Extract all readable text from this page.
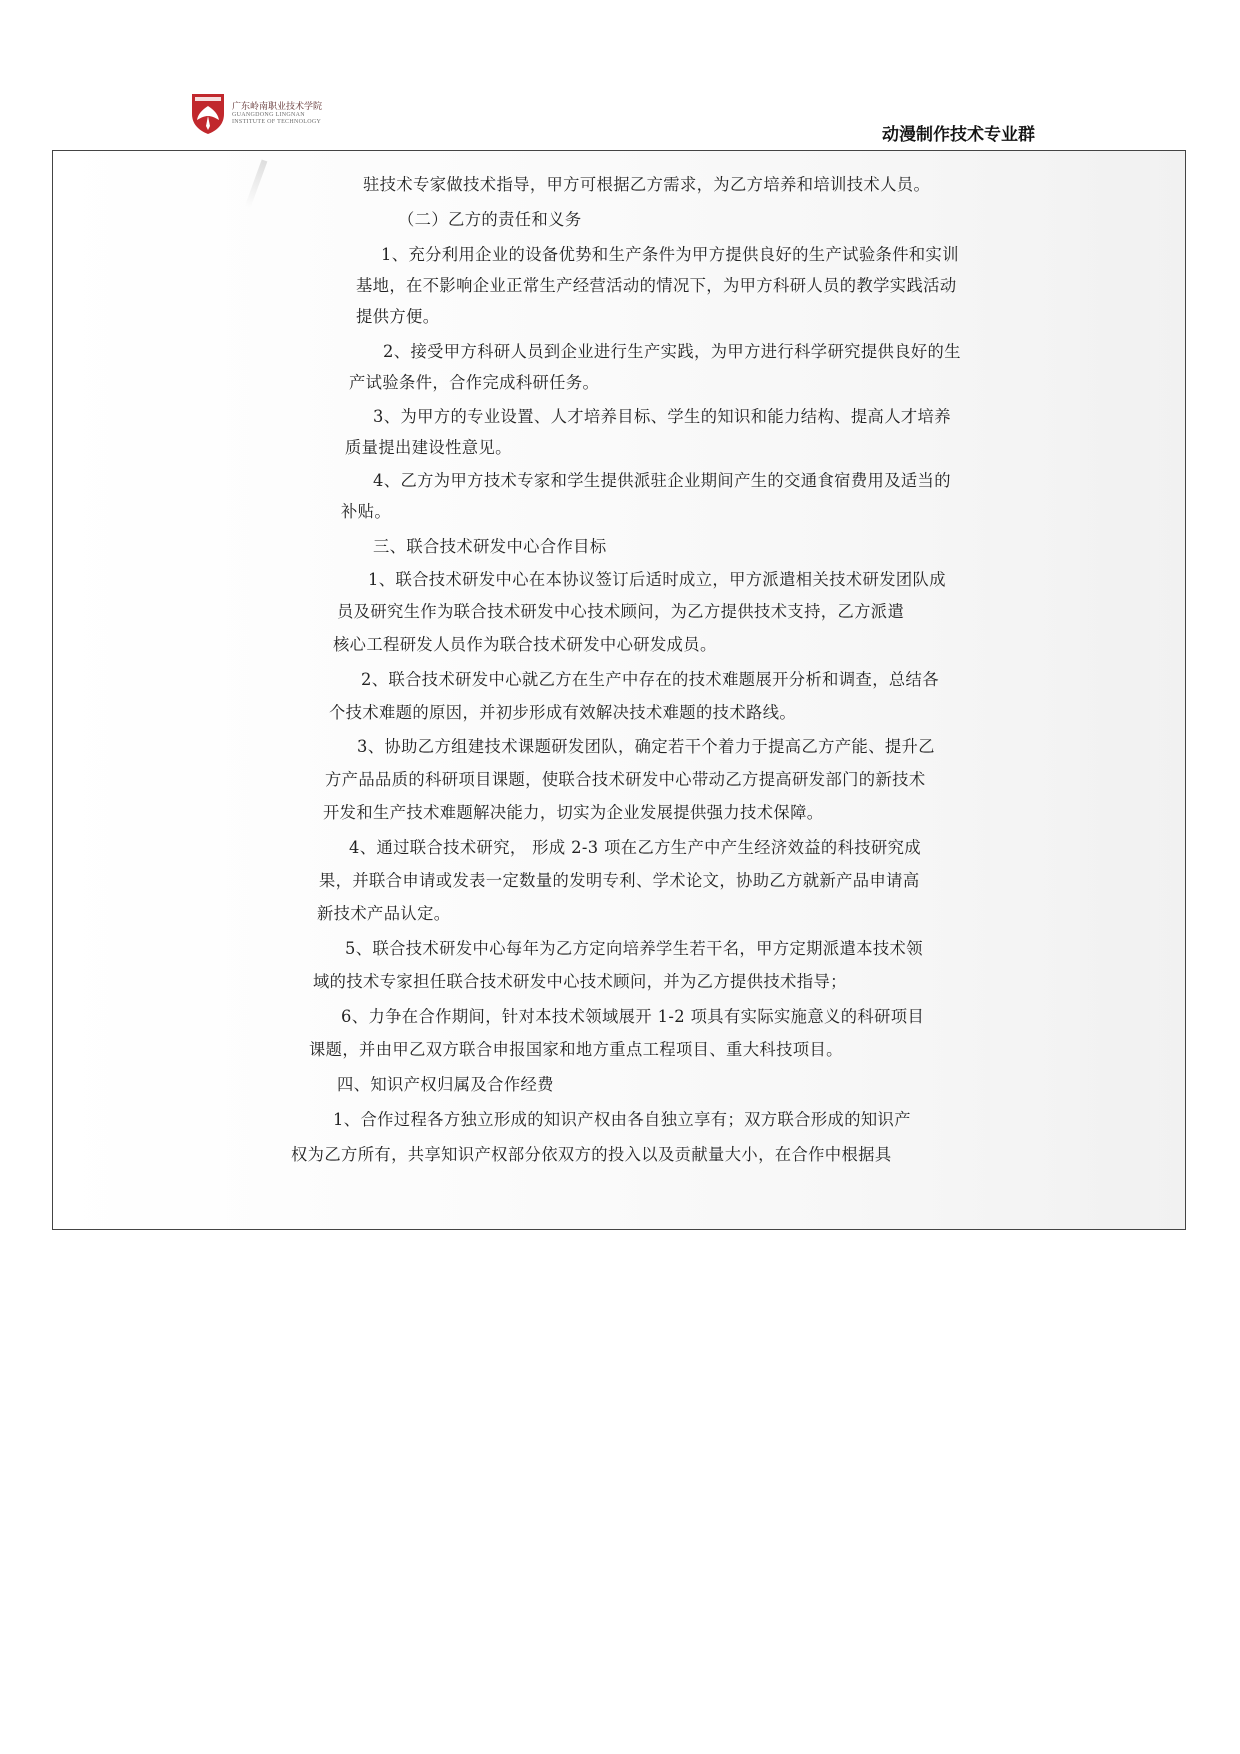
广东岭南职业技术学院
GUANGDONG LINGNAN
INSTITUTE OF TECHNOLOGY
动漫制作技术专业群
驻技术专家做技术指导，甲方可根据乙方需求，为乙方培养和培训技术人员。
（二）乙方的责任和义务
1、充分利用企业的设备优势和生产条件为甲方提供良好的生产试验条件和实训
基地，在不影响企业正常生产经营活动的情况下，为甲方科研人员的教学实践活动
提供方便。
2、接受甲方科研人员到企业进行生产实践，为甲方进行科学研究提供良好的生
产试验条件，合作完成科研任务。
3、为甲方的专业设置、人才培养目标、学生的知识和能力结构、提高人才培养
质量提出建设性意见。
4、乙方为甲方技术专家和学生提供派驻企业期间产生的交通食宿费用及适当的
补贴。
三、联合技术研发中心合作目标
1、联合技术研发中心在本协议签订后适时成立，甲方派遣相关技术研发团队成
员及研究生作为联合技术研发中心技术顾问，为乙方提供技术支持，乙方派遣
核心工程研发人员作为联合技术研发中心研发成员。
2、联合技术研发中心就乙方在生产中存在的技术难题展开分析和调查，总结各
个技术难题的原因，并初步形成有效解决技术难题的技术路线。
3、协助乙方组建技术课题研发团队，确定若干个着力于提高乙方产能、提升乙
方产品品质的科研项目课题，使联合技术研发中心带动乙方提高研发部门的新技术
开发和生产技术难题解决能力，切实为企业发展提供强力技术保障。
4、通过联合技术研究， 形成 2-3 项在乙方生产中产生经济效益的科技研究成
果，并联合申请或发表一定数量的发明专利、学术论文，协助乙方就新产品申请高
新技术产品认定。
5、联合技术研发中心每年为乙方定向培养学生若干名，甲方定期派遣本技术领
域的技术专家担任联合技术研发中心技术顾问，并为乙方提供技术指导；
6、力争在合作期间，针对本技术领域展开 1-2 项具有实际实施意义的科研项目
课题，并由甲乙双方联合申报国家和地方重点工程项目、重大科技项目。
四、知识产权归属及合作经费
1、合作过程各方独立形成的知识产权由各自独立享有；双方联合形成的知识产
权为乙方所有，共享知识产权部分依双方的投入以及贡献量大小，在合作中根据具
